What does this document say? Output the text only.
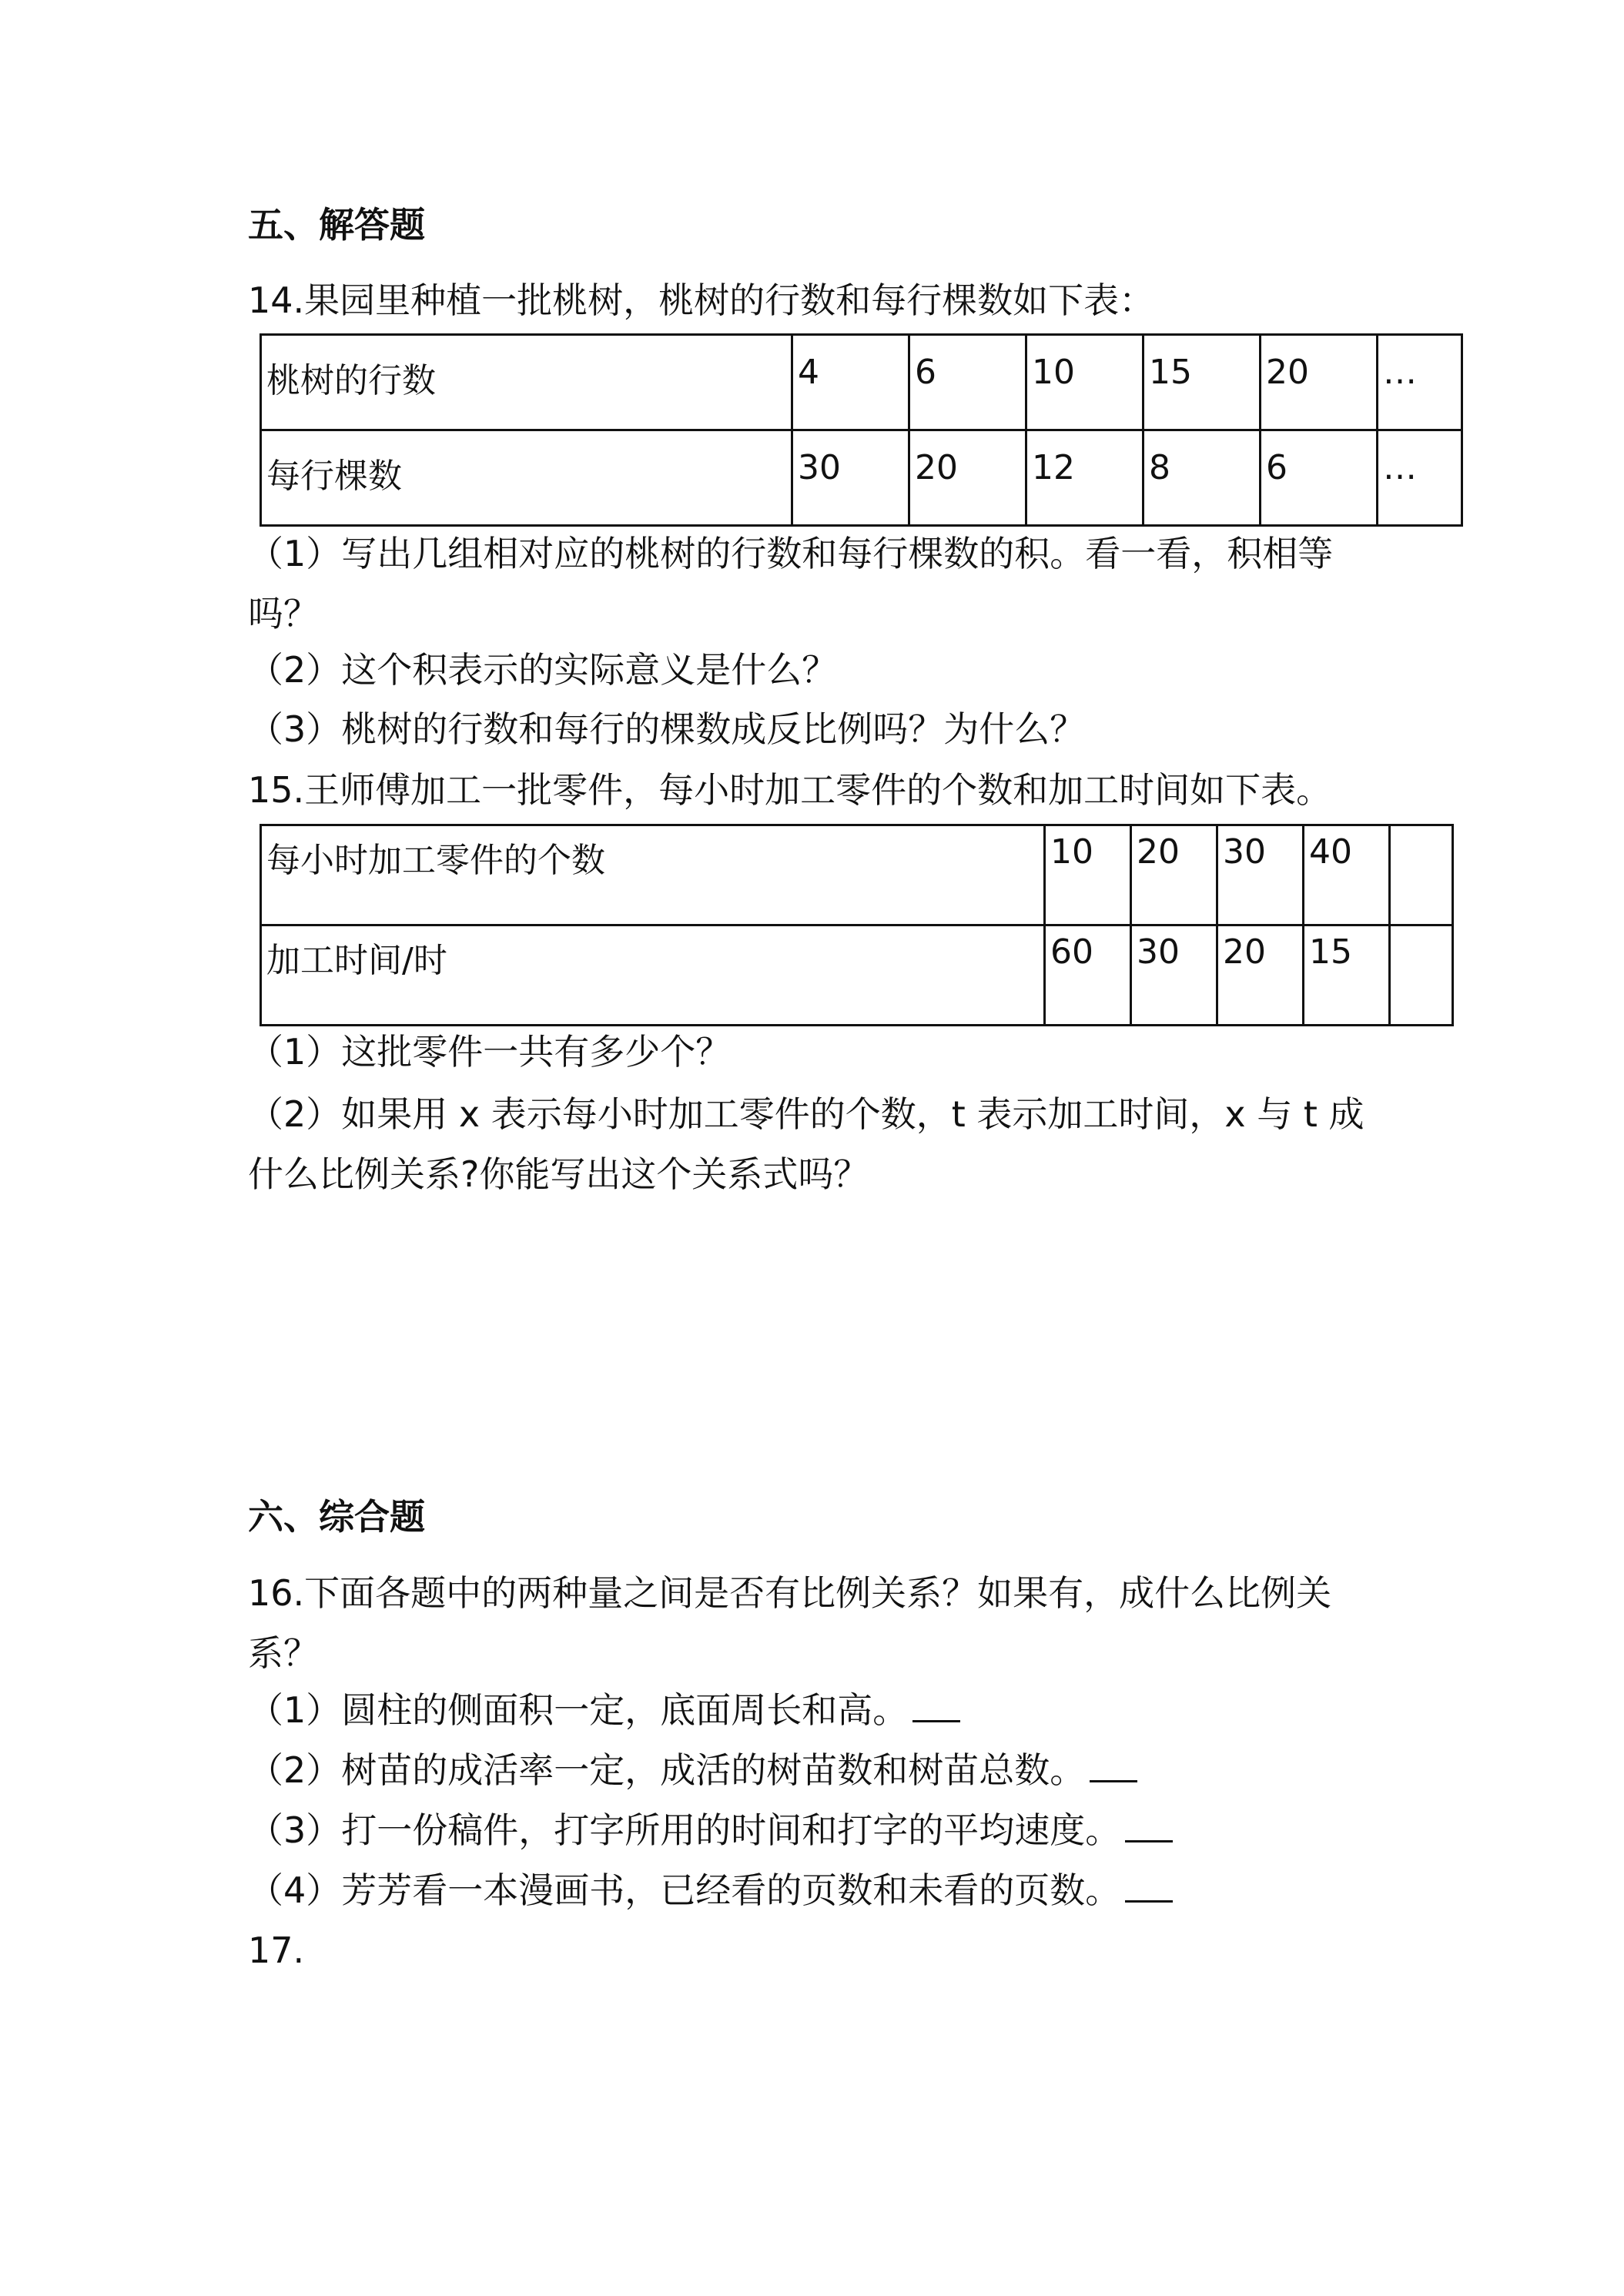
五、解答题

14.果园里种植一批桃树，桃树的行数和每行棵数如下表：

桃树的行数	4	6	10	15	20	…
每行棵数	30	20	12	8	6	…

（1）写出几组相对应的桃树的行数和每行棵数的积。看一看，积相等吗？

（2）这个积表示的实际意义是什么？

（3）桃树的行数和每行的棵数成反比例吗？为什么？

15.王师傅加工一批零件，每小时加工零件的个数和加工时间如下表。

每小时加工零件的个数	10	20	30	40	
加工时间/时	60	30	20	15	

（1）这批零件一共有多少个？

（2）如果用 x 表示每小时加工零件的个数，t 表示加工时间，x 与 t 成什么比例关系?你能写出这个关系式吗？

六、综合题

16.下面各题中的两种量之间是否有比例关系？如果有，成什么比例关系？

（1）圆柱的侧面积一定，底面周长和高。

（2）树苗的成活率一定，成活的树苗数和树苗总数。

（3）打一份稿件，打字所用的时间和打字的平均速度。

（4）芳芳看一本漫画书，已经看的页数和未看的页数。

17.
